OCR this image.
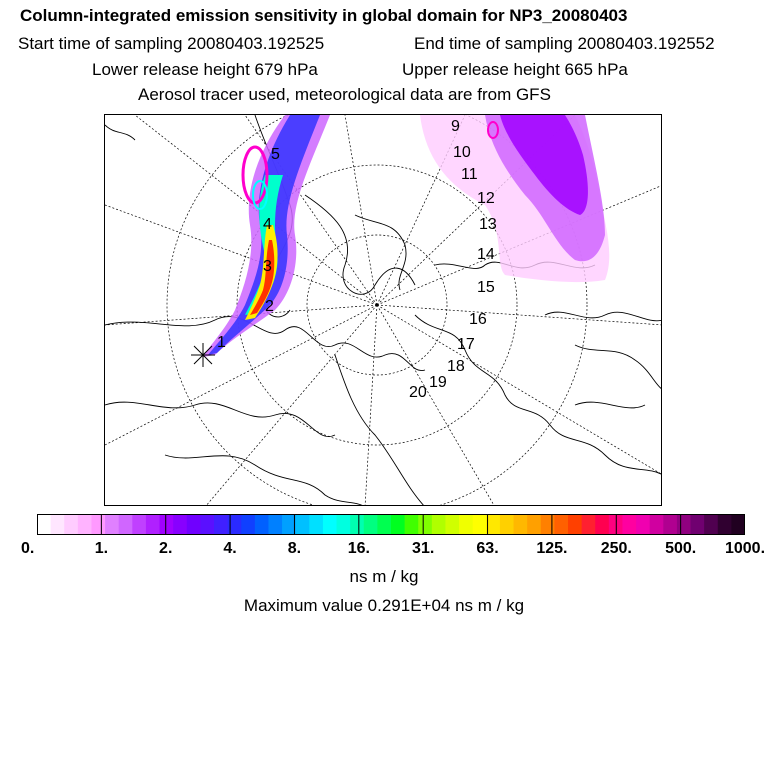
Column-integrated emission sensitivity in global domain for NP3_20080403
Start time of sampling 20080403.192525	End time of sampling 20080403.192552
Lower release height 679 hPa	Upper release height 665 hPa
Aerosol tracer used, meteorological data are from GFS
1
2
3
4
5
9
10
11
12
13
14
15
16
17
18
19
20
0.	1.	2.	4.	8.	16.	31.	63. 125. 250. 500. 1000.
ns m / kg
Maximum value 0.291E+04 ns m / kg
